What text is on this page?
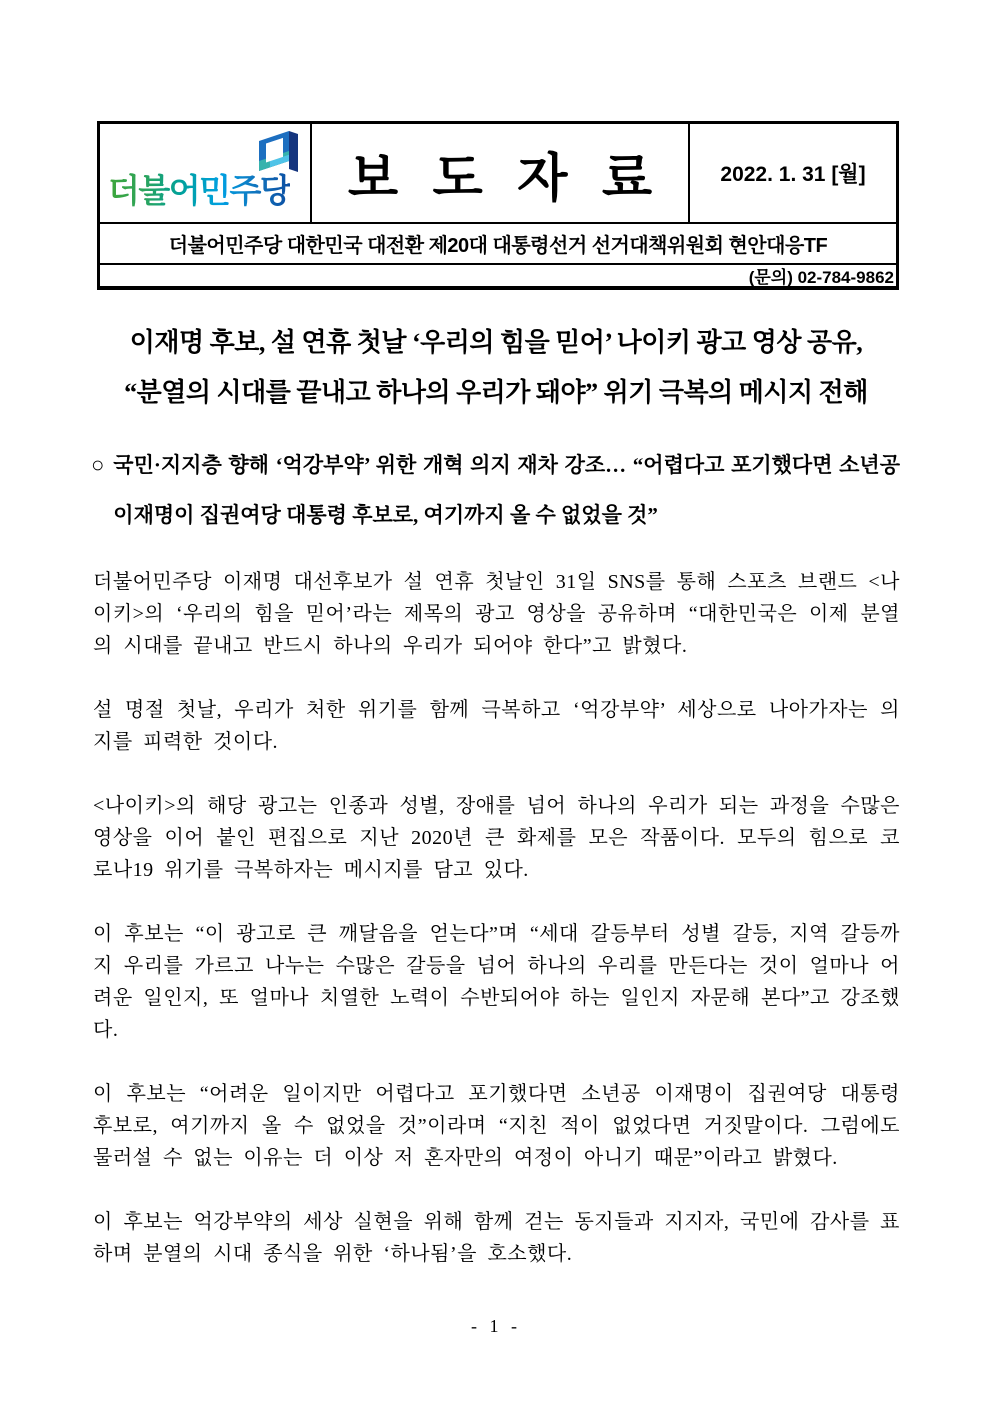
더불어민주당 보 도 자 료	2022. 1. 31 [월]
더불어민주당 대한민국 대전환 제20대 대통령선거 선거대책위원회 현안대응TF
(문의) 02-784-9862
이재명 후보, 설 연휴 첫날 ‘우리의 힘을 믿어’ 나이키 광고 영상 공유,
“분열의 시대를 끝내고 하나의 우리가 돼야” 위기 극복의 메시지 전해
○ 국민·지지층 향해 ‘억강부약’ 위한 개혁 의지 재차 강조… “어렵다고 포기했다면 소년공 이재명이 집권여당 대통령 후보로, 여기까지 올 수 없었을 것”

더불어민주당 이재명 대선후보가 설 연휴 첫날인 31일 SNS를 통해 스포츠 브랜드 <나이키>의 ‘우리의 힘을 믿어’라는 제목의 광고 영상을 공유하며 “대한민국은 이제 분열의 시대를 끝내고 반드시 하나의 우리가 되어야 한다”고 밝혔다.

설 명절 첫날, 우리가 처한 위기를 함께 극복하고 ‘억강부약’ 세상으로 나아가자는 의지를 피력한 것이다.

<나이키>의 해당 광고는 인종과 성별, 장애를 넘어 하나의 우리가 되는 과정을 수많은 영상을 이어 붙인 편집으로 지난 2020년 큰 화제를 모은 작품이다. 모두의 힘으로 코로나19 위기를 극복하자는 메시지를 담고 있다.

이 후보는 “이 광고로 큰 깨달음을 얻는다”며 “세대 갈등부터 성별 갈등, 지역 갈등까지 우리를 가르고 나누는 수많은 갈등을 넘어 하나의 우리를 만든다는 것이 얼마나 어려운 일인지, 또 얼마나 치열한 노력이 수반되어야 하는 일인지 자문해 본다”고 강조했다.

이 후보는 “어려운 일이지만 어렵다고 포기했다면 소년공 이재명이 집권여당 대통령 후보로, 여기까지 올 수 없었을 것”이라며 “지친 적이 없었다면 거짓말이다. 그럼에도 물러설 수 없는 이유는 더 이상 저 혼자만의 여정이 아니기 때문”이라고 밝혔다.

이 후보는 억강부약의 세상 실현을 위해 함께 걷는 동지들과 지지자, 국민에 감사를 표하며 분열의 시대 종식을 위한 ‘하나됨’을 호소했다.

- 1 -
